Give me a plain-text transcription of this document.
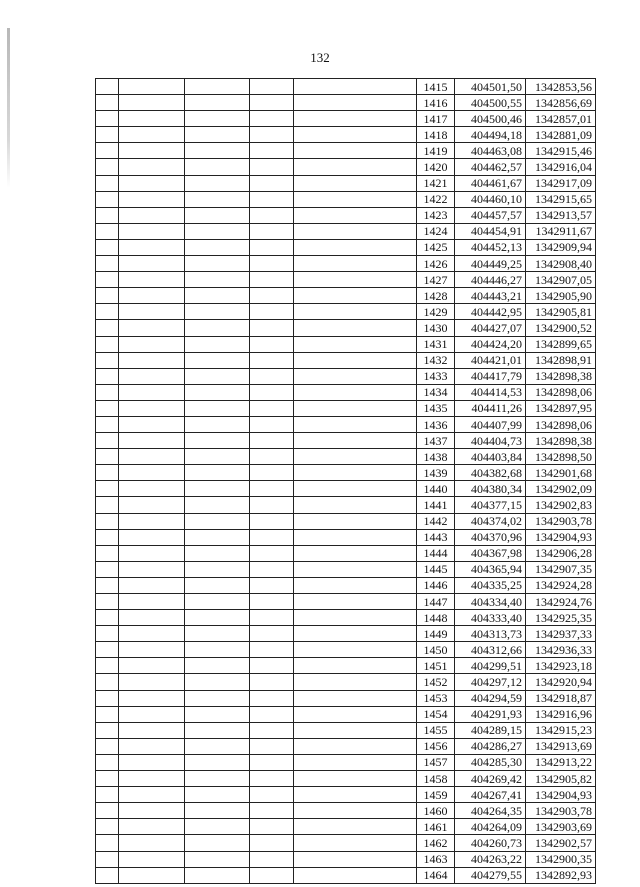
132
					1415	404501,50	1342853,56
					1416	404500,55	1342856,69
					1417	404500,46	1342857,01
					1418	404494,18	1342881,09
					1419	404463,08	1342915,46
					1420	404462,57	1342916,04
					1421	404461,67	1342917,09
					1422	404460,10	1342915,65
					1423	404457,57	1342913,57
					1424	404454,91	1342911,67
					1425	404452,13	1342909,94
					1426	404449,25	1342908,40
					1427	404446,27	1342907,05
					1428	404443,21	1342905,90
					1429	404442,95	1342905,81
					1430	404427,07	1342900,52
					1431	404424,20	1342899,65
					1432	404421,01	1342898,91
					1433	404417,79	1342898,38
					1434	404414,53	1342898,06
					1435	404411,26	1342897,95
					1436	404407,99	1342898,06
					1437	404404,73	1342898,38
					1438	404403,84	1342898,50
					1439	404382,68	1342901,68
					1440	404380,34	1342902,09
					1441	404377,15	1342902,83
					1442	404374,02	1342903,78
					1443	404370,96	1342904,93
					1444	404367,98	1342906,28
					1445	404365,94	1342907,35
					1446	404335,25	1342924,28
					1447	404334,40	1342924,76
					1448	404333,40	1342925,35
					1449	404313,73	1342937,33
					1450	404312,66	1342936,33
					1451	404299,51	1342923,18
					1452	404297,12	1342920,94
					1453	404294,59	1342918,87
					1454	404291,93	1342916,96
					1455	404289,15	1342915,23
					1456	404286,27	1342913,69
					1457	404285,30	1342913,22
					1458	404269,42	1342905,82
					1459	404267,41	1342904,93
					1460	404264,35	1342903,78
					1461	404264,09	1342903,69
					1462	404260,73	1342902,57
					1463	404263,22	1342900,35
					1464	404279,55	1342892,93
